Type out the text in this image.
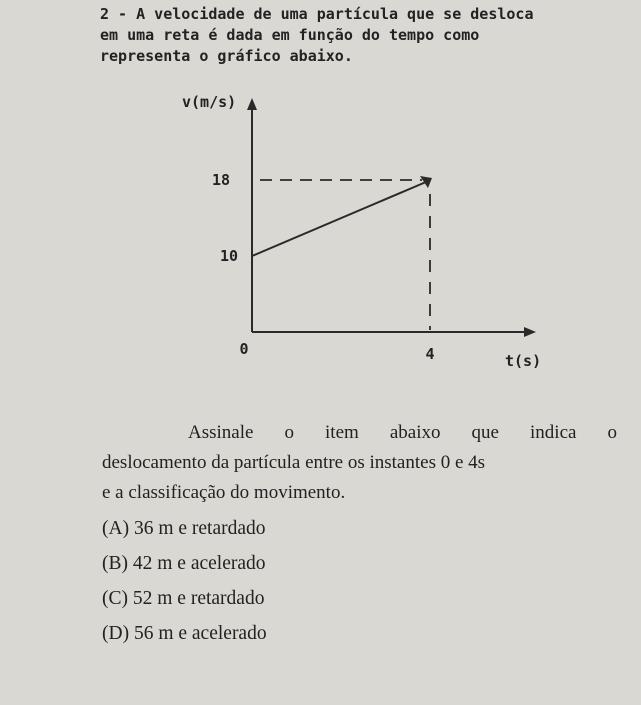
2 - A velocidade de uma partícula que se desloca
em uma reta é dada em função do tempo como
representa o gráfico abaixo.
18
10
0	4
v(m/s)
t(s)
Assinale o item abaixo que indica o
deslocamento da partícula entre os instantes 0 e 4s
e a classificação do movimento.
(A) 36 m e retardado
(B) 42 m e acelerado
(C) 52 m e retardado
(D) 56 m e acelerado
